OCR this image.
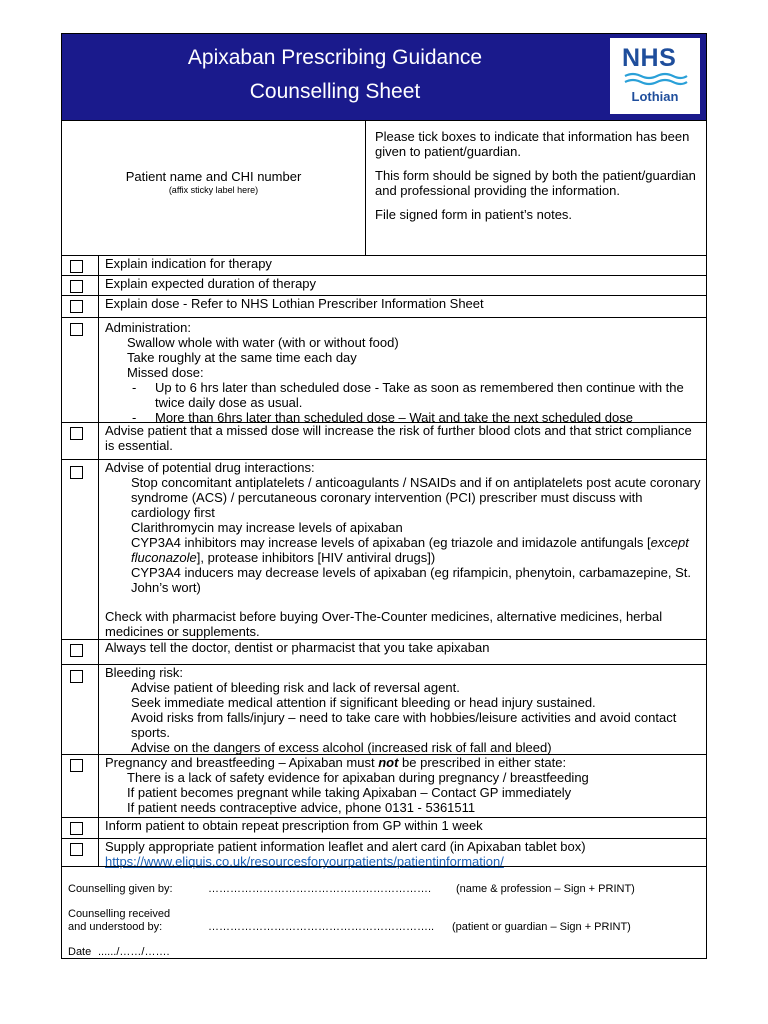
Apixaban Prescribing Guidance
Counselling Sheet
NHS
Lothian
Patient name and CHI number
(affix sticky label here)

Please tick boxes to indicate that information has been given to patient/guardian.

This form should be signed by both the patient/guardian and professional providing the information.

File signed form in patient’s notes.

Explain indication for therapy
Explain expected duration of therapy
Explain dose - Refer to NHS Lothian Prescriber Information Sheet
Administration:
Swallow whole with water (with or without food)
Take roughly at the same time each day
Missed dose:
- Up to 6 hrs later than scheduled dose - Take as soon as remembered then continue with the twice daily dose as usual.
- More than 6hrs later than scheduled dose – Wait and take the next scheduled dose
Advise patient that a missed dose will increase the risk of further blood clots and that strict compliance is essential.
Advise of potential drug interactions:
Stop concomitant antiplatelets / anticoagulants / NSAIDs and if on antiplatelets post acute coronary syndrome (ACS) / percutaneous coronary intervention (PCI) prescriber must discuss with cardiology first
Clarithromycin may increase levels of apixaban
CYP3A4 inhibitors may increase levels of apixaban (eg triazole and imidazole antifungals [except fluconazole], protease inhibitors [HIV antiviral drugs])
CYP3A4 inducers may decrease levels of apixaban (eg rifampicin, phenytoin, carbamazepine, St. John’s wort)
Check with pharmacist before buying Over-The-Counter medicines, alternative medicines, herbal medicines or supplements.
Always tell the doctor, dentist or pharmacist that you take apixaban
Bleeding risk:
Advise patient of bleeding risk and lack of reversal agent.
Seek immediate medical attention if significant bleeding or head injury sustained.
Avoid risks from falls/injury – need to take care with hobbies/leisure activities and avoid contact sports.
Advise on the dangers of excess alcohol (increased risk of fall and bleed)
Pregnancy and breastfeeding – Apixaban must not be prescribed in either state:
There is a lack of safety evidence for apixaban during pregnancy / breastfeeding
If patient becomes pregnant while taking Apixaban – Contact GP immediately
If patient needs contraceptive advice, phone 0131 - 5361511
Inform patient to obtain repeat prescription from GP within 1 week
Supply appropriate patient information leaflet and alert card (in Apixaban tablet box)
https://www.eliquis.co.uk/resourcesforyourpatients/patientinformation/
Counselling given by:	……………………………………………………. (name & profession – Sign + PRINT)
Counselling received
and understood by:	…………………………………………………….. (patient or guardian – Sign + PRINT)
Date ....../……/…….
